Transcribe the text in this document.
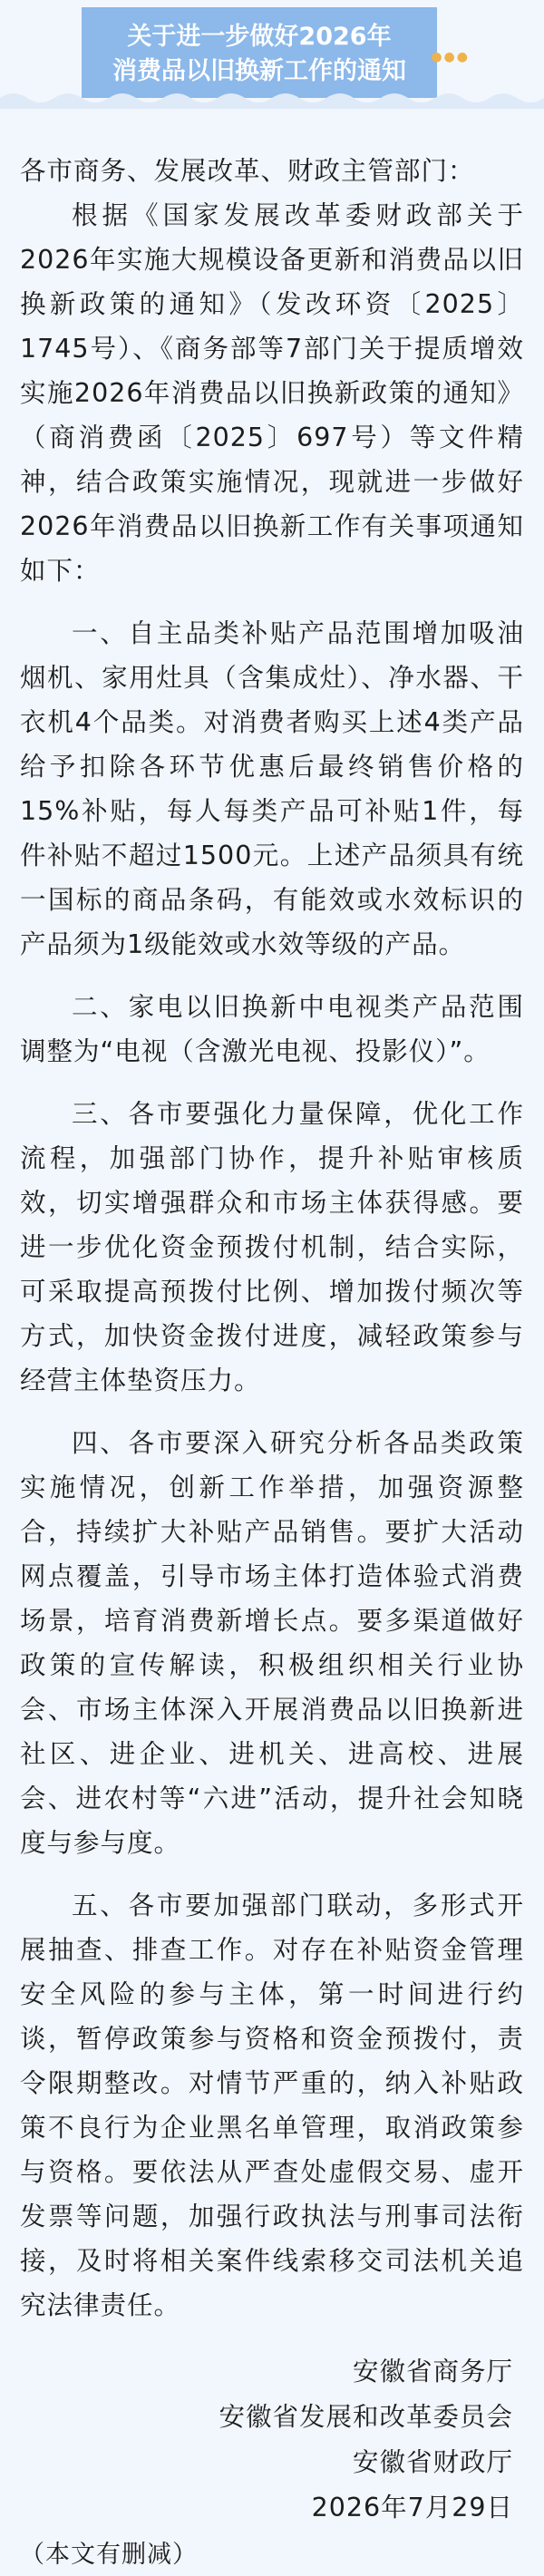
关于进一步做好2026年
消费品以旧换新工作的通知	●●●
各市商务、发展改革、财政主管部门：

根据《国家发展改革委财政部关于2026年实施大规模设备更新和消费品以旧换新政策的通知》（发改环资〔2025〕1745号）、《商务部等7部门关于提质增效实施2026年消费品以旧换新政策的通知》（商消费函〔2025〕697号）等文件精神，结合政策实施情况，现就进一步做好2026年消费品以旧换新工作有关事项通知如下：

一、自主品类补贴产品范围增加吸油烟机、家用灶具（含集成灶）、净水器、干衣机4个品类。对消费者购买上述4类产品给予扣除各环节优惠后最终销售价格的15%补贴，每人每类产品可补贴1件，每件补贴不超过1500元。上述产品须具有统一国标的商品条码，有能效或水效标识的产品须为1级能效或水效等级的产品。

二、家电以旧换新中电视类产品范围调整为“电视（含激光电视、投影仪）”。

三、各市要强化力量保障，优化工作流程，加强部门协作，提升补贴审核质效，切实增强群众和市场主体获得感。要进一步优化资金预拨付机制，结合实际，可采取提高预拨付比例、增加拨付频次等方式，加快资金拨付进度，减轻政策参与经营主体垫资压力。

四、各市要深入研究分析各品类政策实施情况，创新工作举措，加强资源整合，持续扩大补贴产品销售。要扩大活动网点覆盖，引导市场主体打造体验式消费场景，培育消费新增长点。要多渠道做好政策的宣传解读，积极组织相关行业协会、市场主体深入开展消费品以旧换新进社区、进企业、进机关、进高校、进展会、进农村等“六进”活动，提升社会知晓度与参与度。

五、各市要加强部门联动，多形式开展抽查、排查工作。对存在补贴资金管理安全风险的参与主体，第一时间进行约谈，暂停政策参与资格和资金预拨付，责令限期整改。对情节严重的，纳入补贴政策不良行为企业黑名单管理，取消政策参与资格。要依法从严查处虚假交易、虚开发票等问题，加强行政执法与刑事司法衔接，及时将相关案件线索移交司法机关追究法律责任。

安徽省商务厅
安徽省发展和改革委员会
安徽省财政厅
2026年7月29日
（本文有删减）
